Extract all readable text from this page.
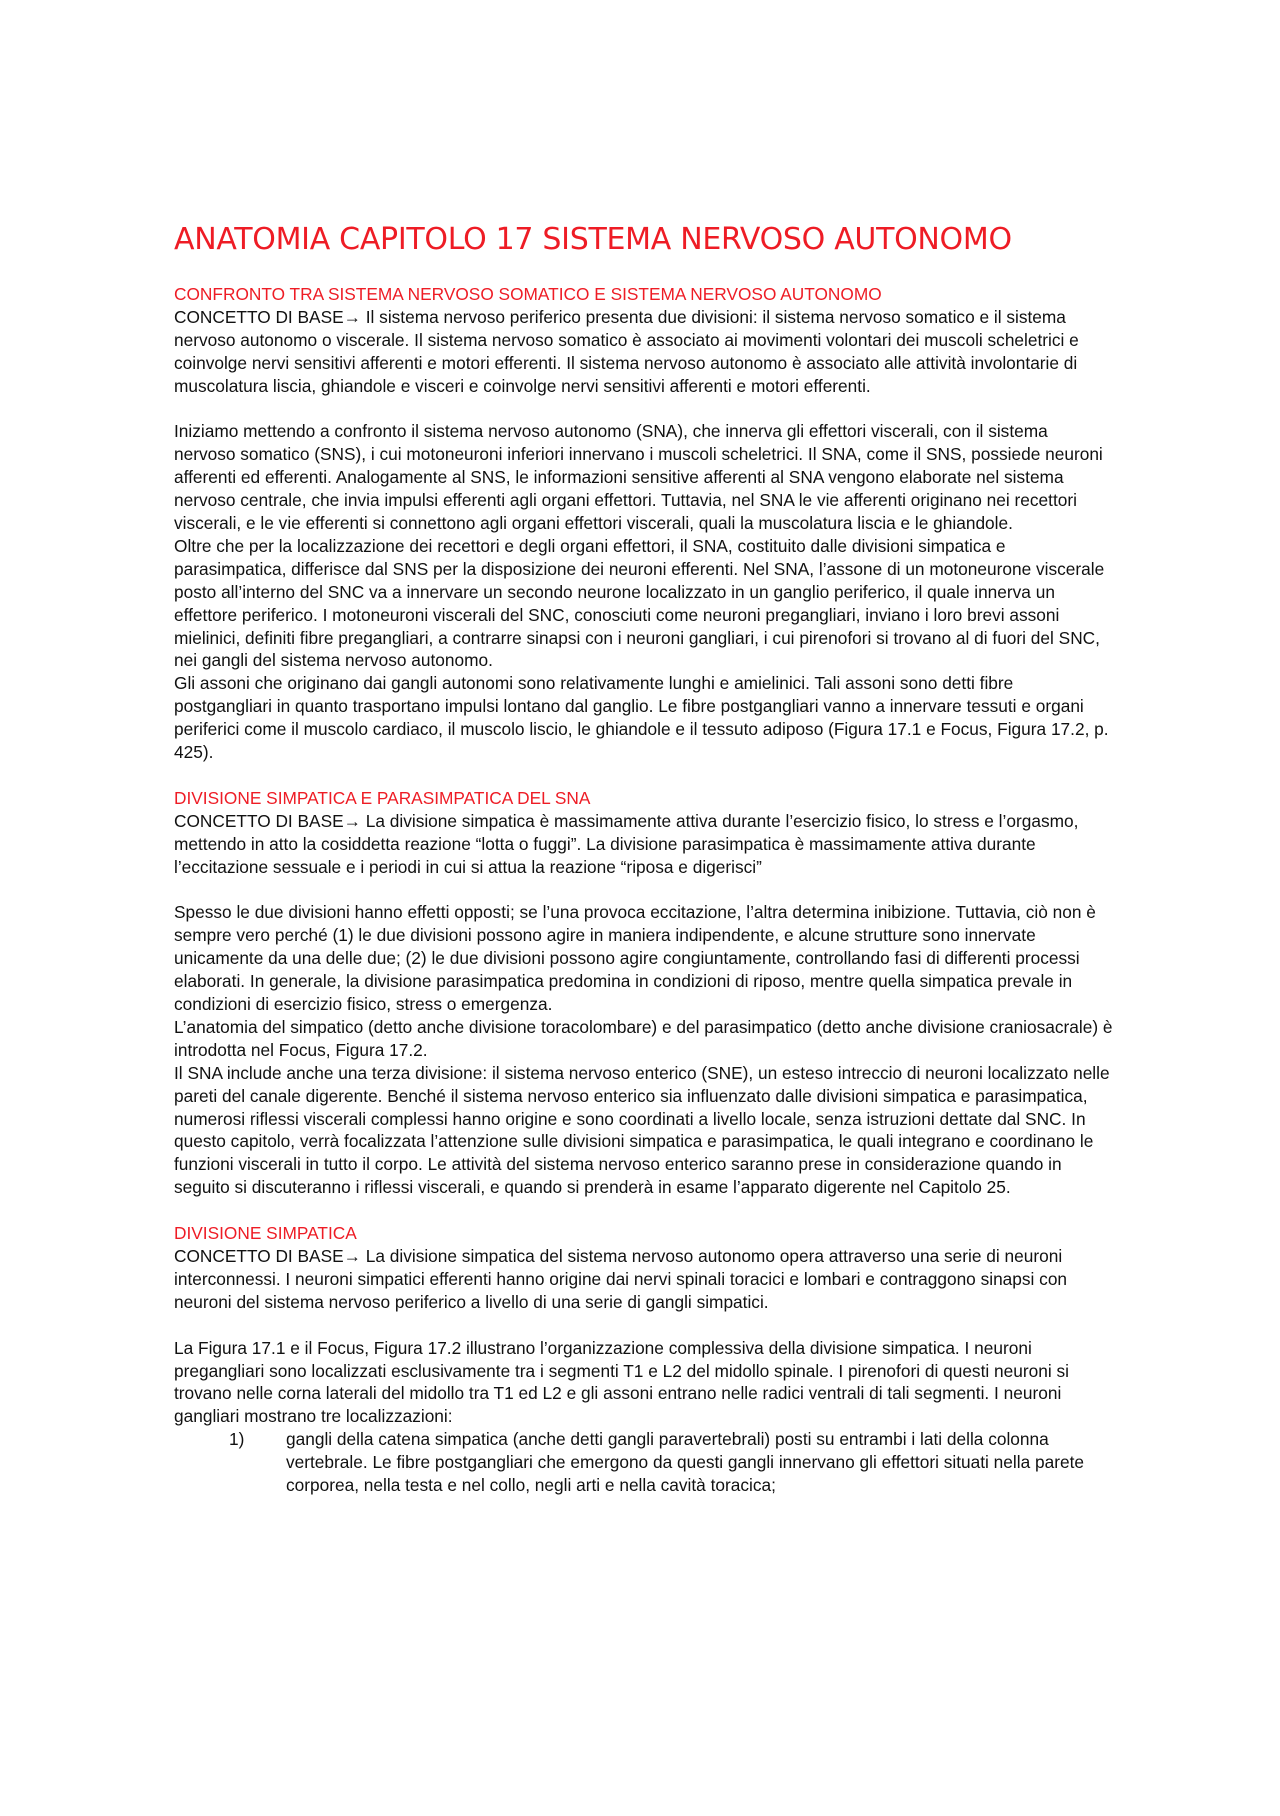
ANATOMIA CAPITOLO 17 SISTEMA NERVOSO AUTONOMO
CONFRONTO TRA SISTEMA NERVOSO SOMATICO E SISTEMA NERVOSO AUTONOMO

CONCETTO DI BASE→ Il sistema nervoso periferico presenta due divisioni: il sistema nervoso somatico e il sistema nervoso autonomo o viscerale. Il sistema nervoso somatico è associato ai movimenti volontari dei muscoli scheletrici e coinvolge nervi sensitivi afferenti e motori efferenti. Il sistema nervoso autonomo è associato alle attività involontarie di muscolatura liscia, ghiandole e visceri e coinvolge nervi sensitivi afferenti e motori efferenti.

Iniziamo mettendo a confronto il sistema nervoso autonomo (SNA), che innerva gli effettori viscerali, con il sistema nervoso somatico (SNS), i cui motoneuroni inferiori innervano i muscoli scheletrici. Il SNA, come il SNS, possiede neuroni afferenti ed efferenti. Analogamente al SNS, le informazioni sensitive afferenti al SNA vengono elaborate nel sistema nervoso centrale, che invia impulsi efferenti agli organi effettori. Tuttavia, nel SNA le vie afferenti originano nei recettori viscerali, e le vie efferenti si connettono agli organi effettori viscerali, quali la muscolatura liscia e le ghiandole.

Oltre che per la localizzazione dei recettori e degli organi effettori, il SNA, costituito dalle divisioni simpatica e parasimpatica, differisce dal SNS per la disposizione dei neuroni efferenti. Nel SNA, l’assone di un motoneurone viscerale posto all’interno del SNC va a innervare un secondo neurone localizzato in un ganglio periferico, il quale innerva un effettore periferico. I motoneuroni viscerali del SNC, conosciuti come neuroni pregangliari, inviano i loro brevi assoni mielinici, definiti fibre pregangliari, a contrarre sinapsi con i neuroni gangliari, i cui pirenofori si trovano al di fuori del SNC, nei gangli del sistema nervoso autonomo.

Gli assoni che originano dai gangli autonomi sono relativamente lunghi e amielinici. Tali assoni sono detti fibre postgangliari in quanto trasportano impulsi lontano dal ganglio. Le fibre postgangliari vanno a innervare tessuti e organi periferici come il muscolo cardiaco, il muscolo liscio, le ghiandole e il tessuto adiposo (Figura 17.1 e Focus, Figura 17.2, p. 425).

DIVISIONE SIMPATICA E PARASIMPATICA DEL SNA

CONCETTO DI BASE→ La divisione simpatica è massimamente attiva durante l’esercizio fisico, lo stress e l’orgasmo, mettendo in atto la cosiddetta reazione “lotta o fuggi”. La divisione parasimpatica è massimamente attiva durante l’eccitazione sessuale e i periodi in cui si attua la reazione “riposa e digerisci”

Spesso le due divisioni hanno effetti opposti; se l’una provoca eccitazione, l’altra determina inibizione. Tuttavia, ciò non è sempre vero perché (1) le due divisioni possono agire in maniera indipendente, e alcune strutture sono innervate unicamente da una delle due; (2) le due divisioni possono agire congiuntamente, controllando fasi di differenti processi elaborati. In generale, la divisione parasimpatica predomina in condizioni di riposo, mentre quella simpatica prevale in condizioni di esercizio fisico, stress o emergenza.

L’anatomia del simpatico (detto anche divisione toracolombare) e del parasimpatico (detto anche divisione craniosacrale) è introdotta nel Focus, Figura 17.2.

Il SNA include anche una terza divisione: il sistema nervoso enterico (SNE), un esteso intreccio di neuroni localizzato nelle pareti del canale digerente. Benché il sistema nervoso enterico sia influenzato dalle divisioni simpatica e parasimpatica, numerosi riflessi viscerali complessi hanno origine e sono coordinati a livello locale, senza istruzioni dettate dal SNC. In questo capitolo, verrà focalizzata l’attenzione sulle divisioni simpatica e parasimpatica, le quali integrano e coordinano le funzioni viscerali in tutto il corpo. Le attività del sistema nervoso enterico saranno prese in considerazione quando in seguito si discuteranno i riflessi viscerali, e quando si prenderà in esame l’apparato digerente nel Capitolo 25.

DIVISIONE SIMPATICA

CONCETTO DI BASE→ La divisione simpatica del sistema nervoso autonomo opera attraverso una serie di neuroni interconnessi. I neuroni simpatici efferenti hanno origine dai nervi spinali toracici e lombari e contraggono sinapsi con neuroni del sistema nervoso periferico a livello di una serie di gangli simpatici.

La Figura 17.1 e il Focus, Figura 17.2 illustrano l’organizzazione complessiva della divisione simpatica. I neuroni pregangliari sono localizzati esclusivamente tra i segmenti T1 e L2 del midollo spinale. I pirenofori di questi neuroni si trovano nelle corna laterali del midollo tra T1 ed L2 e gli assoni entrano nelle radici ventrali di tali segmenti. I neuroni gangliari mostrano tre localizzazioni:

1)	gangli della catena simpatica (anche detti gangli paravertebrali) posti su entrambi i lati della colonna vertebrale. Le fibre postgangliari che emergono da questi gangli innervano gli effettori situati nella parete corporea, nella testa e nel collo, negli arti e nella cavità toracica;
